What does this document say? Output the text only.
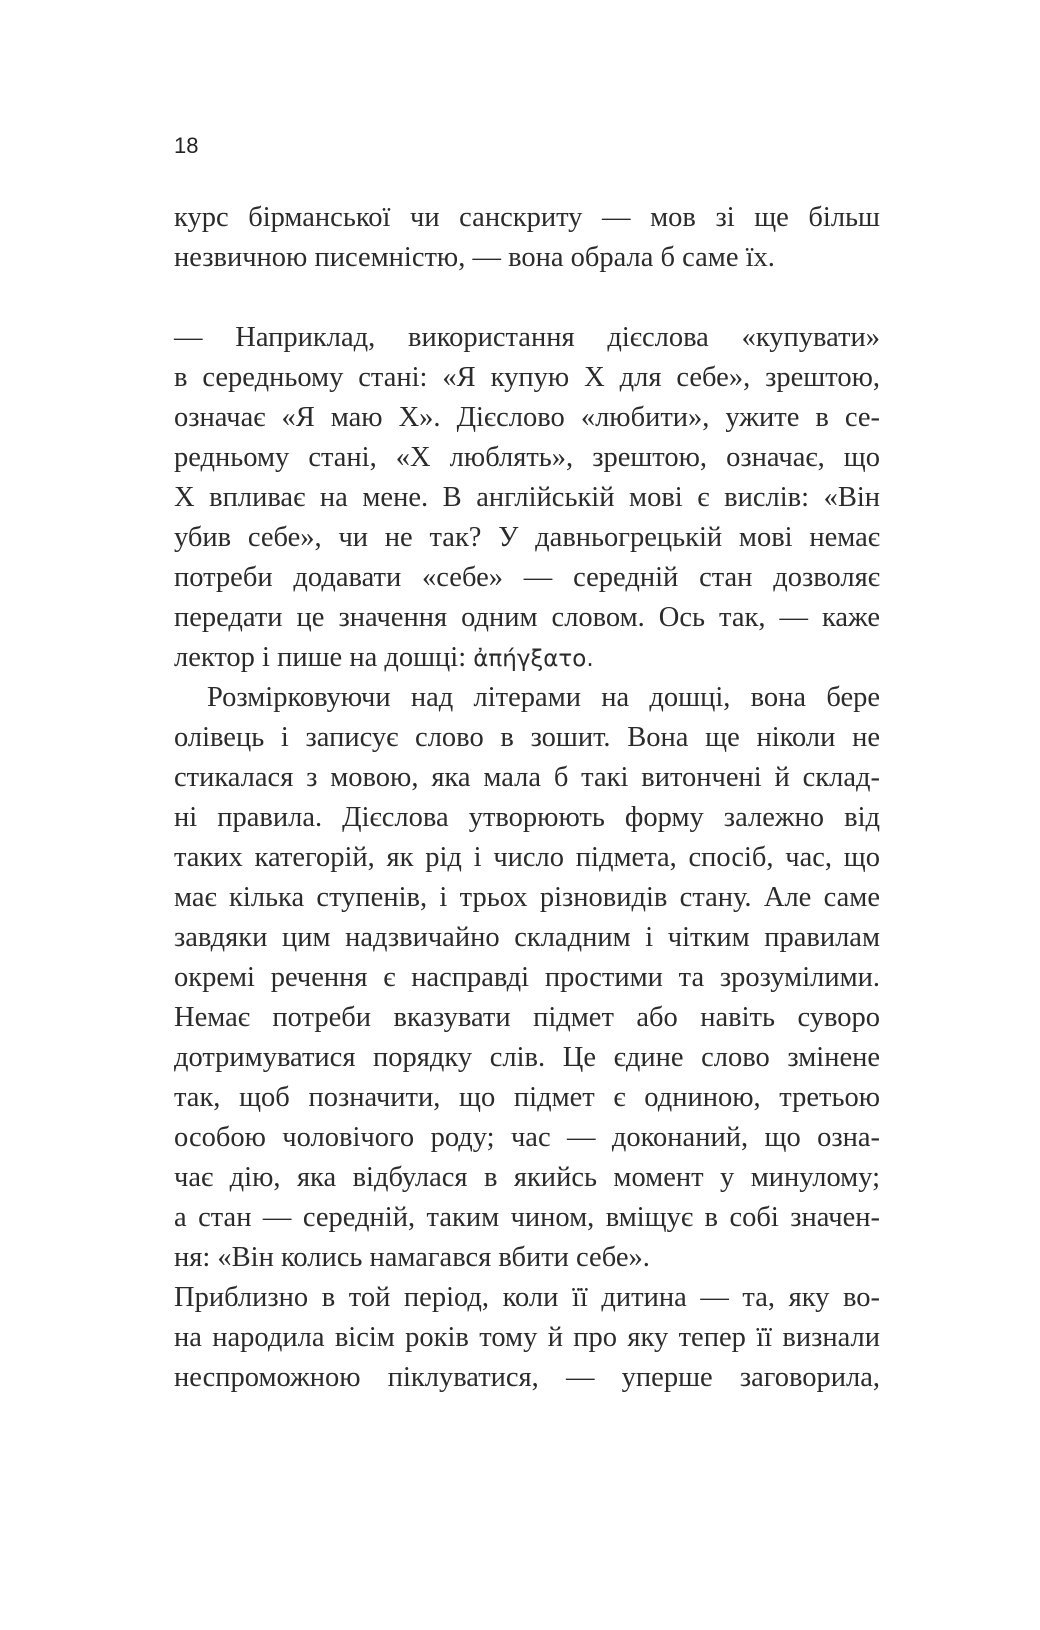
18
курс бірманської чи санскриту — мов зі ще більш
незвичною писемністю, — вона обрала б саме їх.
— Наприклад, використання дієслова «купувати»
в середньому стані: «Я купую Х для себе», зрештою,
означає «Я маю Х». Дієслово «любити», ужите в се-
редньому стані, «Х люблять», зрештою, означає, що
Х впливає на мене. В англійській мові є вислів: «Він
убив себе», чи не так? У давньогрецькій мові немає
потреби додавати «себе» — середній стан дозволяє
передати це значення одним словом. Ось так, — каже
лектор і пише на дошці: ἀπήγξατο.
Розмірковуючи над літерами на дошці, вона бере
олівець і записує слово в зошит. Вона ще ніколи не
стикалася з мовою, яка мала б такі витончені й склад-
ні правила. Дієслова утворюють форму залежно від
таких категорій, як рід і число підмета, спосіб, час, що
має кілька ступенів, і трьох різновидів стану. Але саме
завдяки цим надзвичайно складним і чітким правилам
окремі речення є насправді простими та зрозумілими.
Немає потреби вказувати підмет або навіть суворо
дотримуватися порядку слів. Це єдине слово змінене
так, щоб позначити, що підмет є одниною, третьою
особою чоловічого роду; час — доконаний, що озна-
чає дію, яка відбулася в якийсь момент у минулому;
а стан — середній, таким чином, вміщує в собі значен-
ня: «Він колись намагався вбити себе».
Приблизно в той період, коли її дитина — та, яку во-
на народила вісім років тому й про яку тепер її визнали
неспроможною піклуватися, — уперше заговорила,
